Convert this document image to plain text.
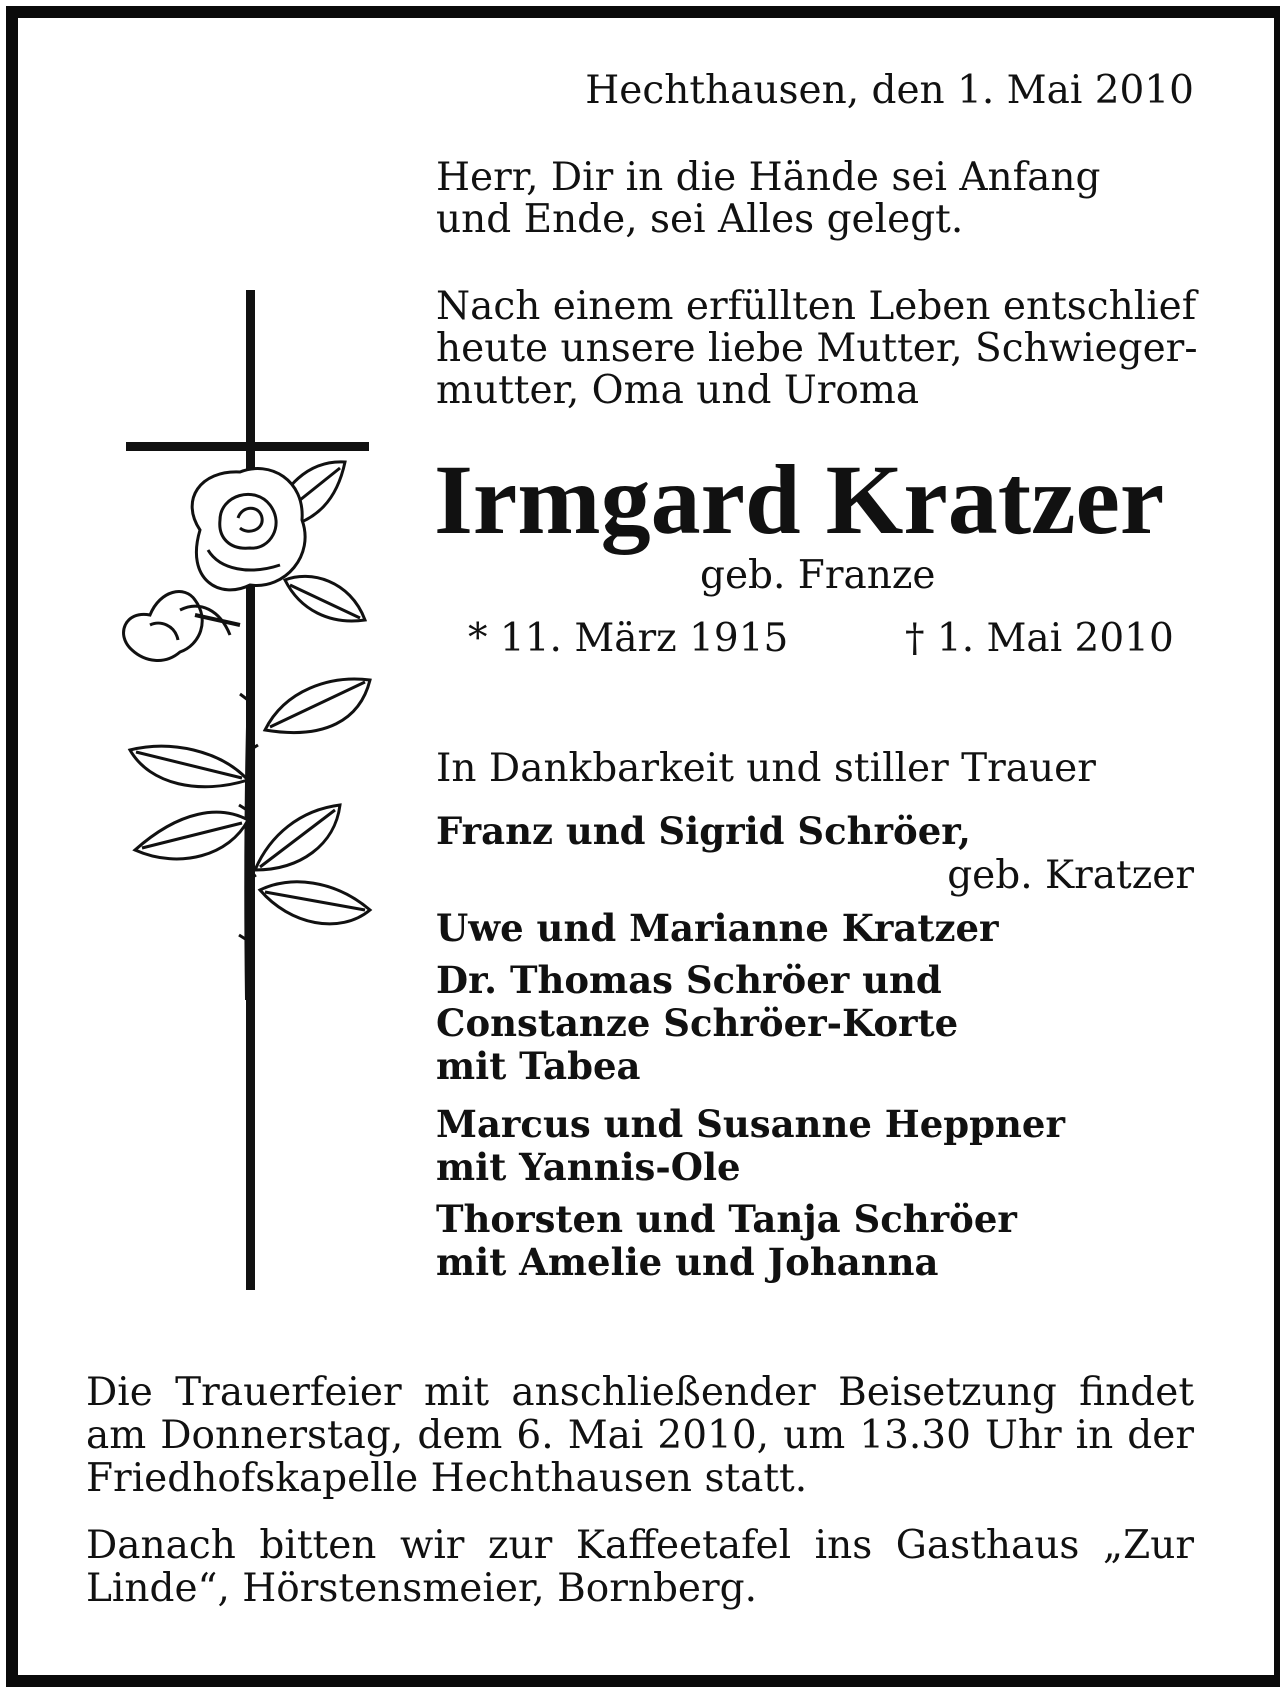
Hechthausen, den 1. Mai 2010
Herr, Dir in die Hände sei Anfang
und Ende, sei Alles gelegt.
Nach einem erfüllten Leben entschlief
heute unsere liebe Mutter, Schwieger-
mutter, Oma und Uroma
Irmgard Kratzer
geb. Franze
* 11. März 1915	† 1. Mai 2010
In Dankbarkeit und stiller Trauer
Franz und Sigrid Schröer,
geb. Kratzer
Uwe und Marianne Kratzer
Dr. Thomas Schröer und
Constanze Schröer-Korte
mit Tabea
Marcus und Susanne Heppner
mit Yannis-Ole
Thorsten und Tanja Schröer
mit Amelie und Johanna
Die Trauerfeier mit anschließender Beisetzung findet
am Donnerstag, dem 6. Mai 2010, um 13.30 Uhr in der
Friedhofskapelle Hechthausen statt.
Danach bitten wir zur Kaffeetafel ins Gasthaus „Zur
Linde“, Hörstensmeier, Bornberg.
